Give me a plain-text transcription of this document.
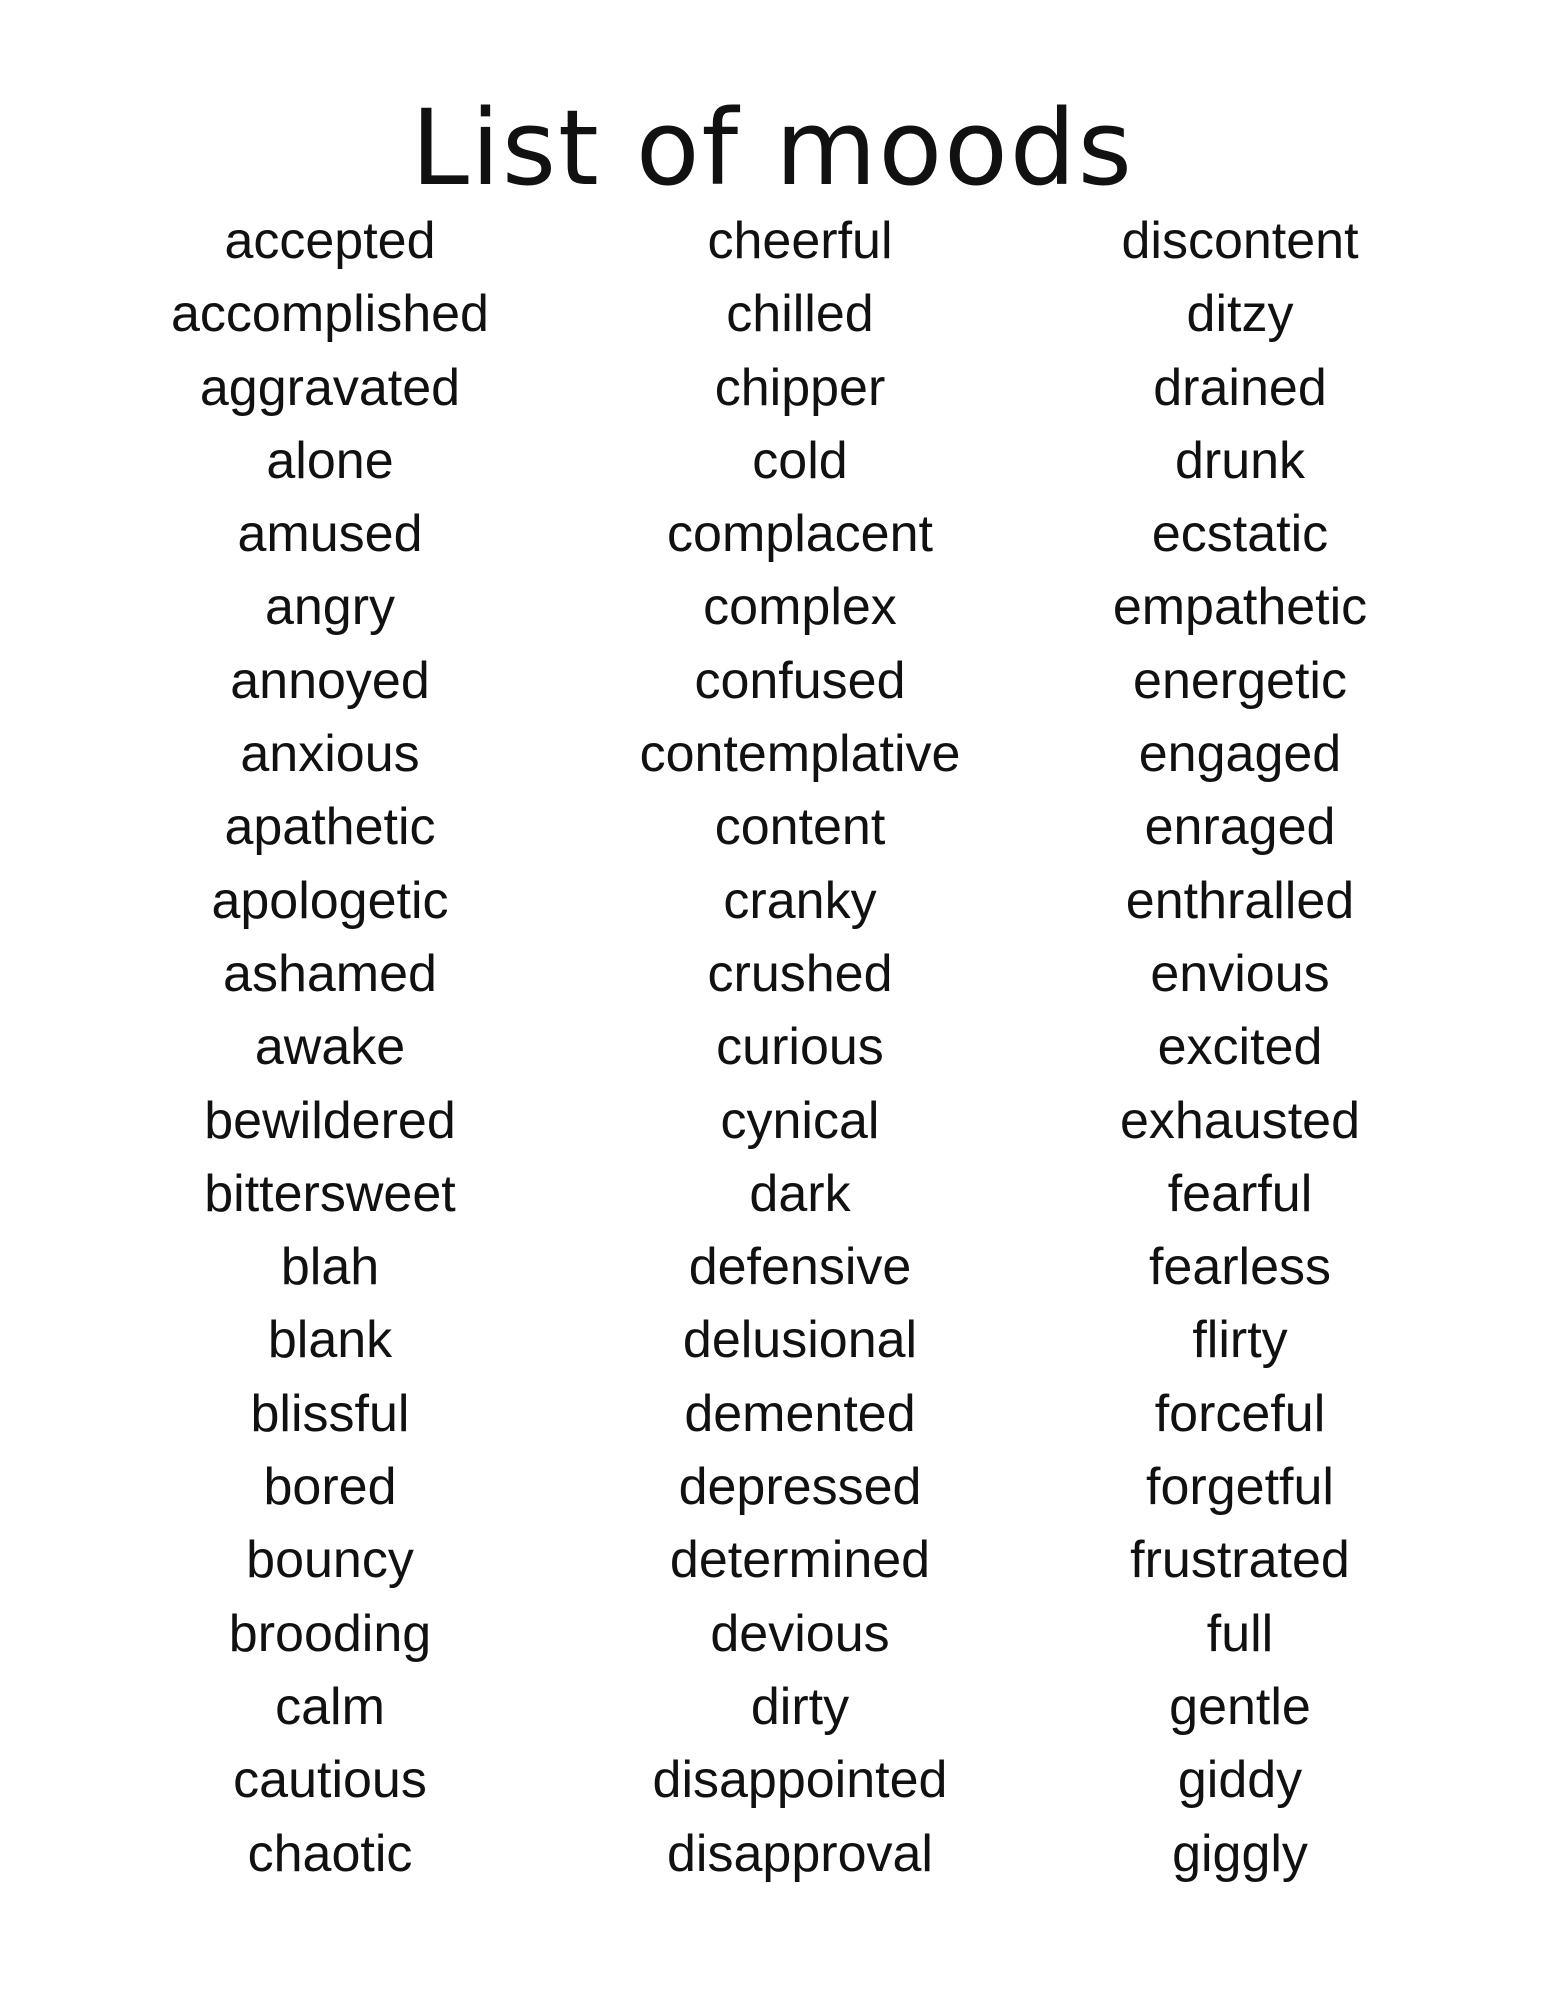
List of moods
accepted
accomplished
aggravated
alone
amused
angry
annoyed
anxious
apathetic
apologetic
ashamed
awake
bewildered
bittersweet
blah
blank
blissful
bored
bouncy
brooding
calm
cautious
chaotic
cheerful
chilled
chipper
cold
complacent
complex
confused
contemplative
content
cranky
crushed
curious
cynical
dark
defensive
delusional
demented
depressed
determined
devious
dirty
disappointed
disapproval
discontent
ditzy
drained
drunk
ecstatic
empathetic
energetic
engaged
enraged
enthralled
envious
excited
exhausted
fearful
fearless
flirty
forceful
forgetful
frustrated
full
gentle
giddy
giggly
